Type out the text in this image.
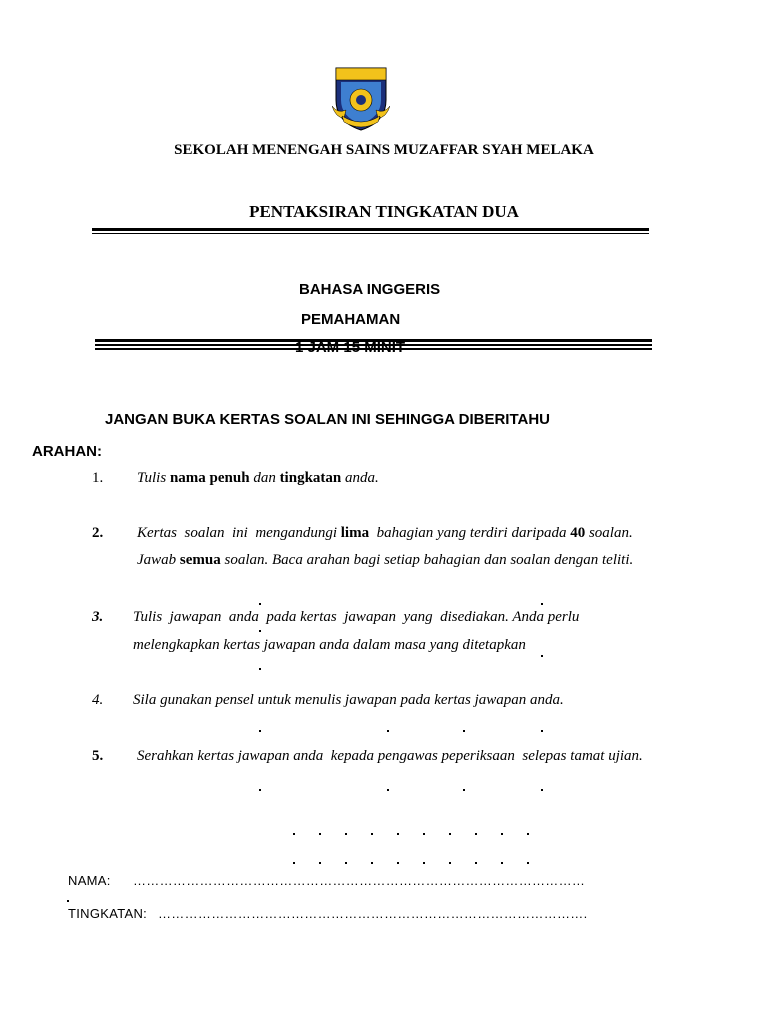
SEKOLAH MENENGAH SAINS MUZAFFAR SYAH MELAKA
PENTAKSIRAN TINGKATAN DUA
BAHASA INGGERIS
PEMAHAMAN
1 JAM 15 MINIT
JANGAN BUKA KERTAS SOALAN INI SEHINGGA DIBERITAHU
ARAHAN:
1. Tulis nama penuh dan tingkatan anda.
2. Kertas  soalan  ini  mengandungi lima  bahagian yang terdiri daripada 40 soalan.
Jawab semua soalan. Baca arahan bagi setiap bahagian dan soalan dengan teliti.
3. Tulis  jawapan  anda  pada kertas  jawapan  yang  disediakan. Anda perlu
melengkapkan kertas jawapan anda dalam masa yang ditetapkan
4. Sila gunakan pensel untuk menulis jawapan pada kertas jawapan anda.
5. Serahkan kertas jawapan anda  kepada pengawas peperiksaan  selepas tamat ujian.
NAMA: …………………………………………………………………………………………
TINGKATAN: …………………………………………………………………………………….
